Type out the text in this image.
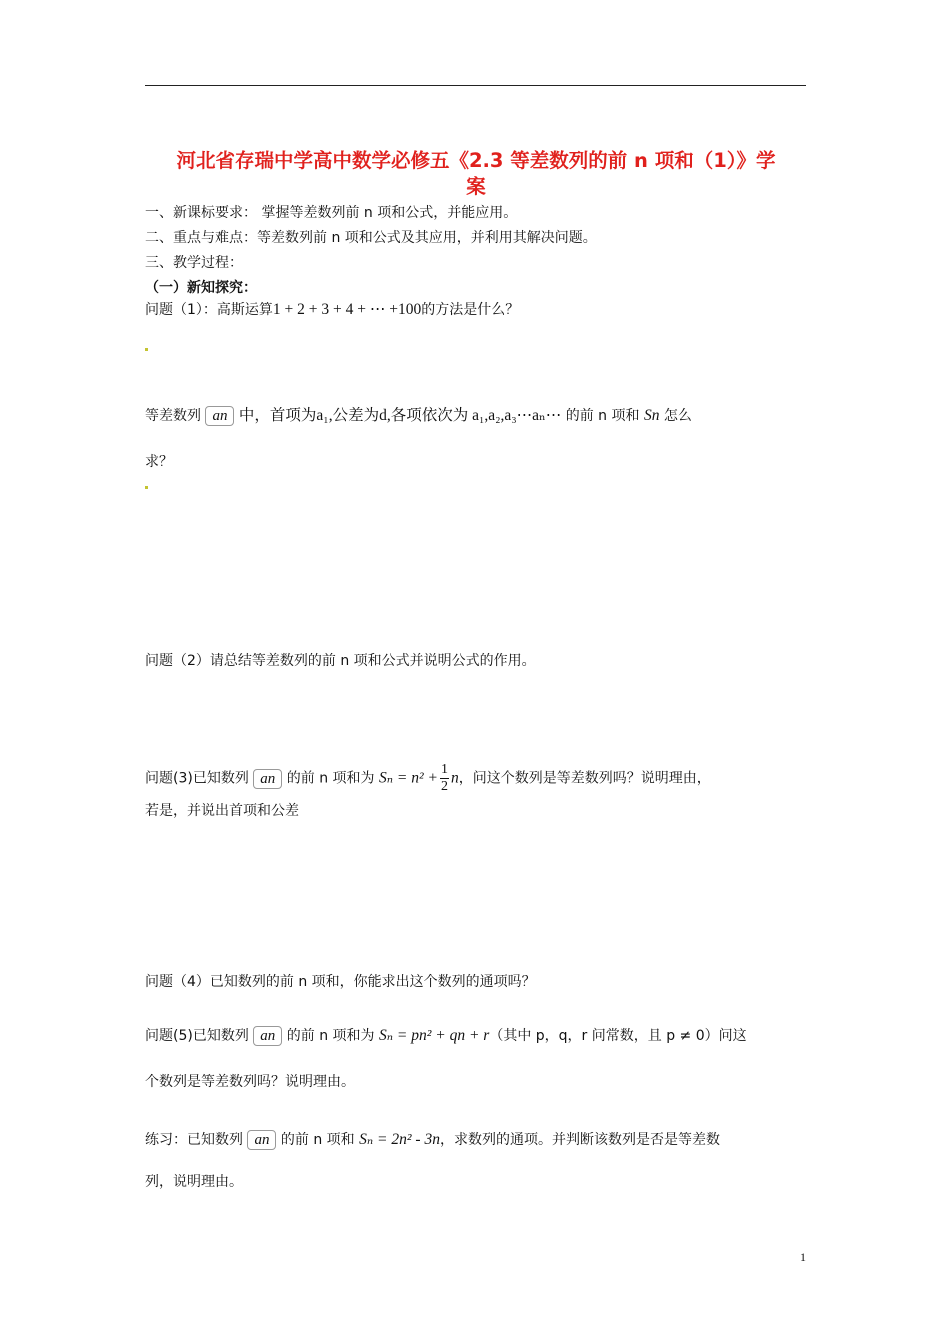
河北省存瑞中学高中数学必修五《2.3 等差数列的前 n 项和（1）》学
案
一、新课标要求： 掌握等差数列前 n 项和公式，并能应用。
二、重点与难点：等差数列前 n 项和公式及其应用，并利用其解决问题。
三、教学过程：
（一）新知探究：
问题（1）：高斯运算1 + 2 + 3 + 4 + ⋯ +100的方法是什么？
等差数列 an 中，首项为a₁,公差为d,各项依次为 a₁,a₂,a₃⋯aₙ⋯ 的前 n 项和 Sn 怎么
求？
问题（2）请总结等差数列的前 n 项和公式并说明公式的作用。
问题(3)已知数列 an 的前 n 项和为 $S_n = n^2 + \frac{1}{2}$ n，问这个数列是等差数列吗？说明理由，
若是，并说出首项和公差
问题（4）已知数列的前 n 项和，你能求出这个数列的通项吗？
问题(5)已知数列 an 的前 n 项和为 Sₙ = pn² + qn + r（其中 p，q，r 问常数，且 p ≠ 0）问这
个数列是等差数列吗？说明理由。
练习：已知数列 an 的前 n 项和 Sₙ = 2n² - 3n，求数列的通项。并判断该数列是否是等差数
列，说明理由。
1
